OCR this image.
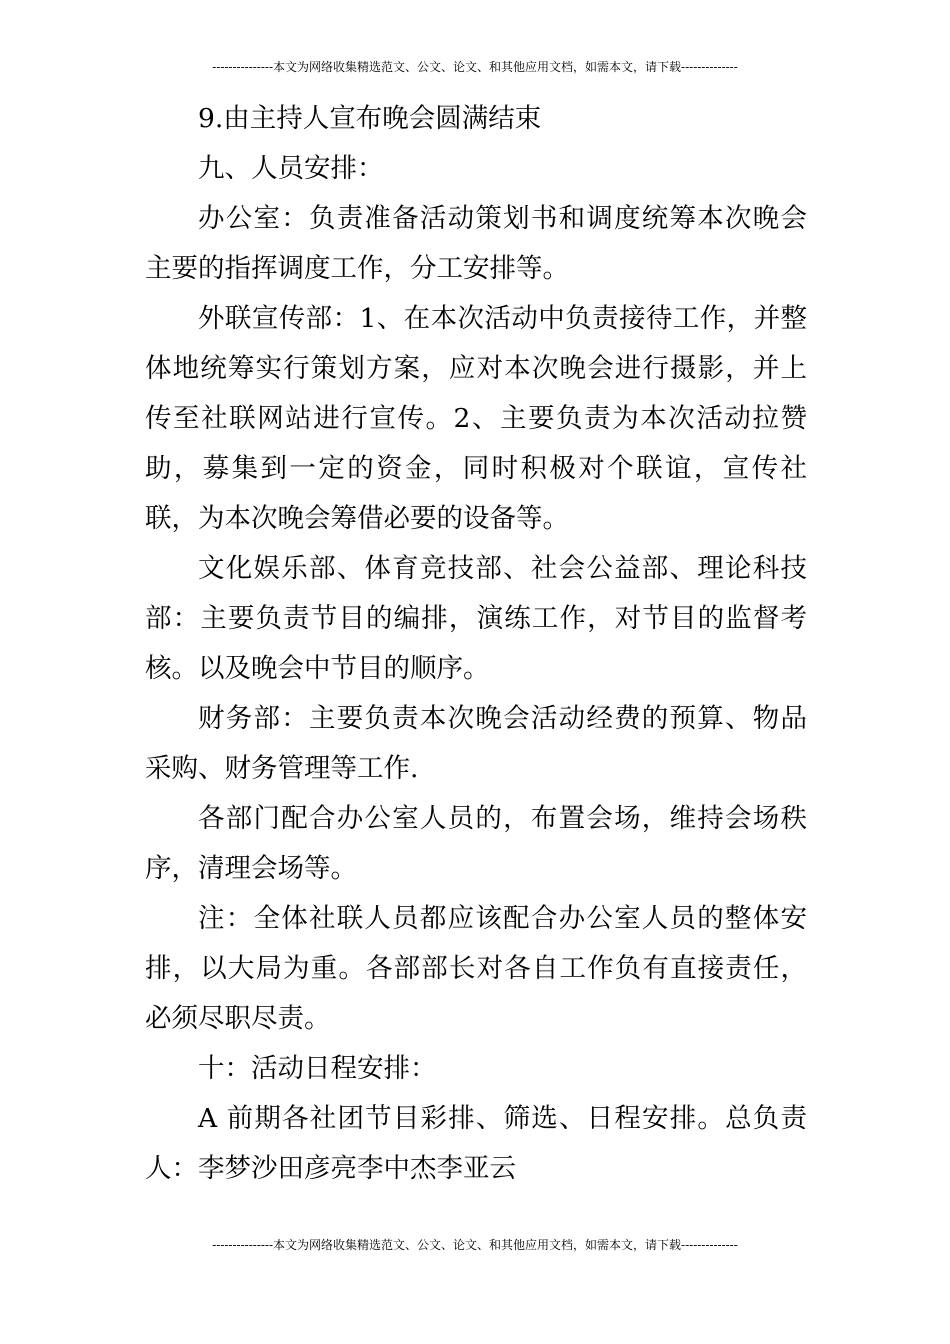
---------------本文为网络收集精选范文、公文、论文、和其他应用文档，如需本文，请下载--------------

9.由主持人宣布晚会圆满结束

九、人员安排：

办公室：负责准备活动策划书和调度统筹本次晚会主要的指挥调度工作，分工安排等。

外联宣传部：1、在本次活动中负责接待工作，并整体地统筹实行策划方案，应对本次晚会进行摄影，并上传至社联网站进行宣传。2、主要负责为本次活动拉赞助，募集到一定的资金，同时积极对个联谊，宣传社联，为本次晚会筹借必要的设备等。

文化娱乐部、体育竞技部、社会公益部、理论科技部：主要负责节目的编排，演练工作，对节目的监督考核。以及晚会中节目的顺序。

财务部：主要负责本次晚会活动经费的预算、物品采购、财务管理等工作.

各部门配合办公室人员的，布置会场，维持会场秩序，清理会场等。

注：全体社联人员都应该配合办公室人员的整体安排，以大局为重。各部部长对各自工作负有直接责任，必须尽职尽责。

十：活动日程安排：

A 前期各社团节目彩排、筛选、日程安排。总负责人：李梦沙田彦亮李中杰李亚云

---------------本文为网络收集精选范文、公文、论文、和其他应用文档，如需本文，请下载--------------
